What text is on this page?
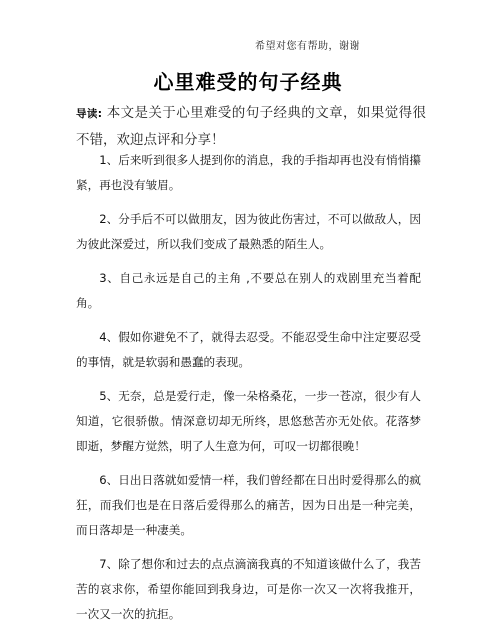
希望对您有帮助，谢谢
心里难受的句子经典
导读: 本文是关于心里难受的句子经典的文章，如果觉得很不错，欢迎点评和分享！

1、后来听到很多人提到你的消息，我的手指却再也没有悄悄攥紧，再也没有皱眉。

2、分手后不可以做朋友，因为彼此伤害过，不可以做敌人，因为彼此深爱过，所以我们变成了最熟悉的陌生人。

3、自己永远是自己的主角 ,不要总在别人的戏剧里充当着配角。

4、假如你避免不了，就得去忍受。不能忍受生命中注定要忍受的事情，就是软弱和愚蠢的表现。

5、无奈，总是爱行走，像一朵格桑花，一步一苍凉，很少有人知道，它很骄傲。情深意切却无所终，思悠愁苦亦无处依。花落梦即逝，梦醒方觉然，明了人生意为何，可叹一切都很晚！

6、日出日落就如爱情一样，我们曾经都在日出时爱得那么的疯狂，而我们也是在日落后爱得那么的痛苦，因为日出是一种完美，而日落却是一种凄美。

7、除了想你和过去的点点滴滴我真的不知道该做什么了，我苦苦的哀求你，希望你能回到我身边，可是你一次又一次将我推开，一次又一次的抗拒。
